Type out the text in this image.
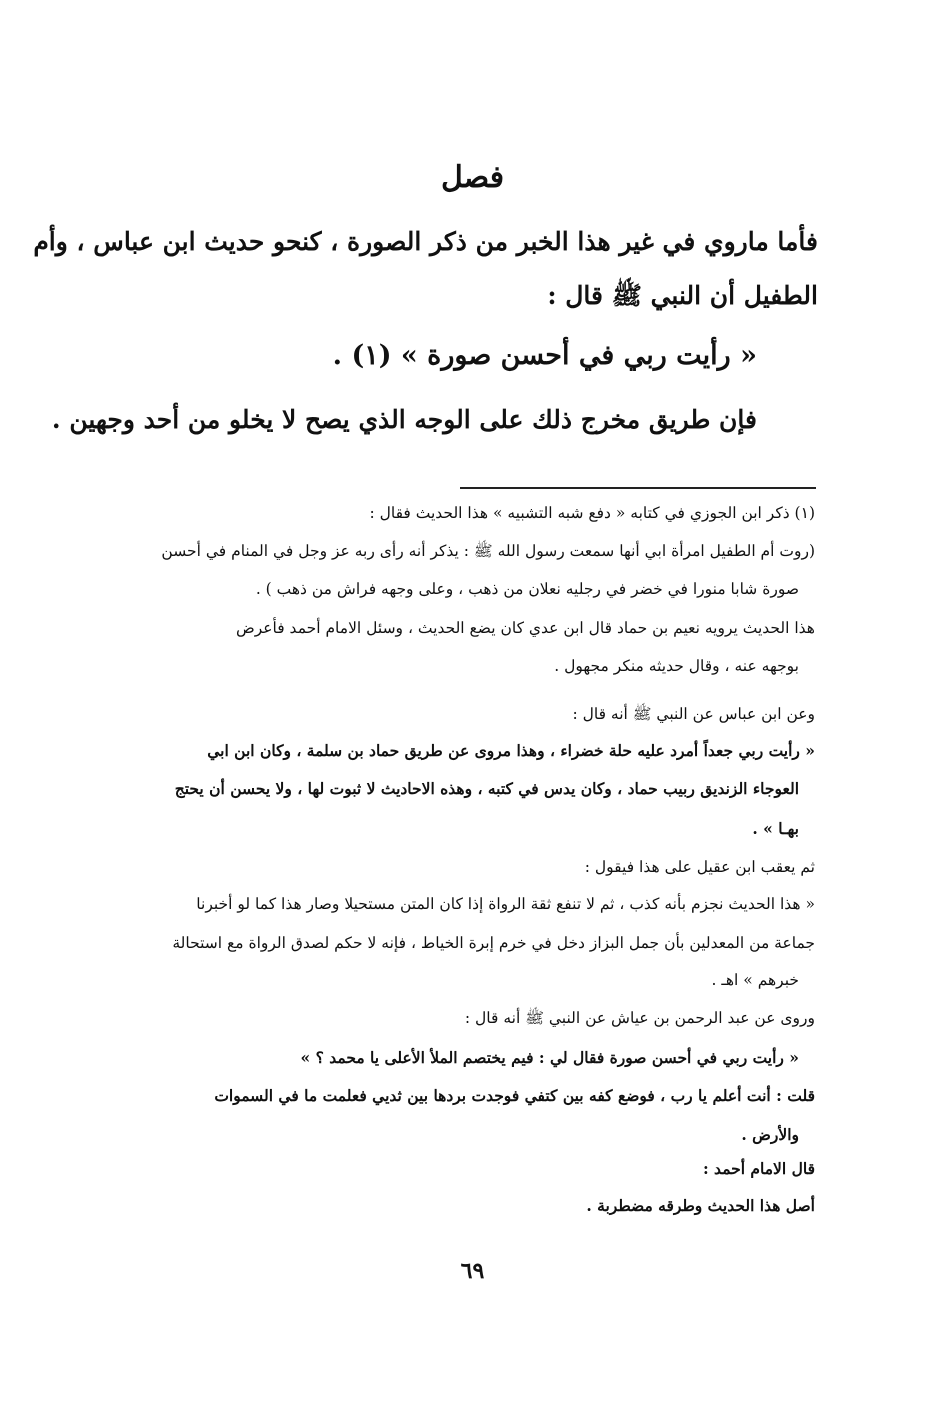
فصل
فأما ماروي في غير هذا الخبر من ذكر الصورة ، كنحو حديث ابن عباس ، وأم
الطفيل أن النبي ﷺ قال :
« رأيت ربي في أحسن صورة » (١) .
فإن طريق مخرج ذلك على الوجه الذي يصح لا يخلو من أحد وجهين .
(١) ذكر ابن الجوزي في كتابه « دفع شبه التشبيه » هذا الحديث فقال :
(روت أم الطفيل امرأة ابي أنها سمعت رسول الله ﷺ : يذكر أنه رأى ربه عز وجل في المنام في أحسن
صورة شابا منورا في خضر في رجليه نعلان من ذهب ، وعلى وجهه فراش من ذهب ) .
هذا الحديث يرويه نعيم بن حماد قال ابن عدي كان يضع الحديث ، وسئل الامام أحمد فأعرض
بوجهه عنه ، وقال حديثه منكر مجهول .
وعن ابن عباس عن النبي ﷺ أنه قال :
« رأيت ربي جعداً أمرد عليه حلة خضراء ، وهذا مروى عن طريق حماد بن سلمة ، وكان ابن ابي
العوجاء الزنديق ربيب حماد ، وكان يدس في كتبه ، وهذه الاحاديث لا ثبوت لها ، ولا يحسن أن يحتج
بهـا » .
ثم يعقب ابن عقيل على هذا فيقول :
« هذا الحديث نجزم بأنه كذب ، ثم لا تنفع ثقة الرواة إذا كان المتن مستحيلا وصار هذا كما لو أخبرنا
جماعة من المعدلين بأن جمل البزاز دخل في خرم إبرة الخياط ، فإنه لا حكم لصدق الرواة مع استحالة
خبرهم » اهـ .
وروى عن عبد الرحمن بن عياش عن النبي ﷺ أنه قال :
« رأيت ربي في أحسن صورة فقال لي : فيم يختصم الملأ الأعلى يا محمد ؟ »
قلت : أنت أعلم يا رب ، فوضع كفه بين كتفي فوجدت بردها بين ثديي فعلمت ما في السموات
والأرض .
قال الامام أحمد :
أصل هذا الحديث وطرقه مضطربة .
٦٩
